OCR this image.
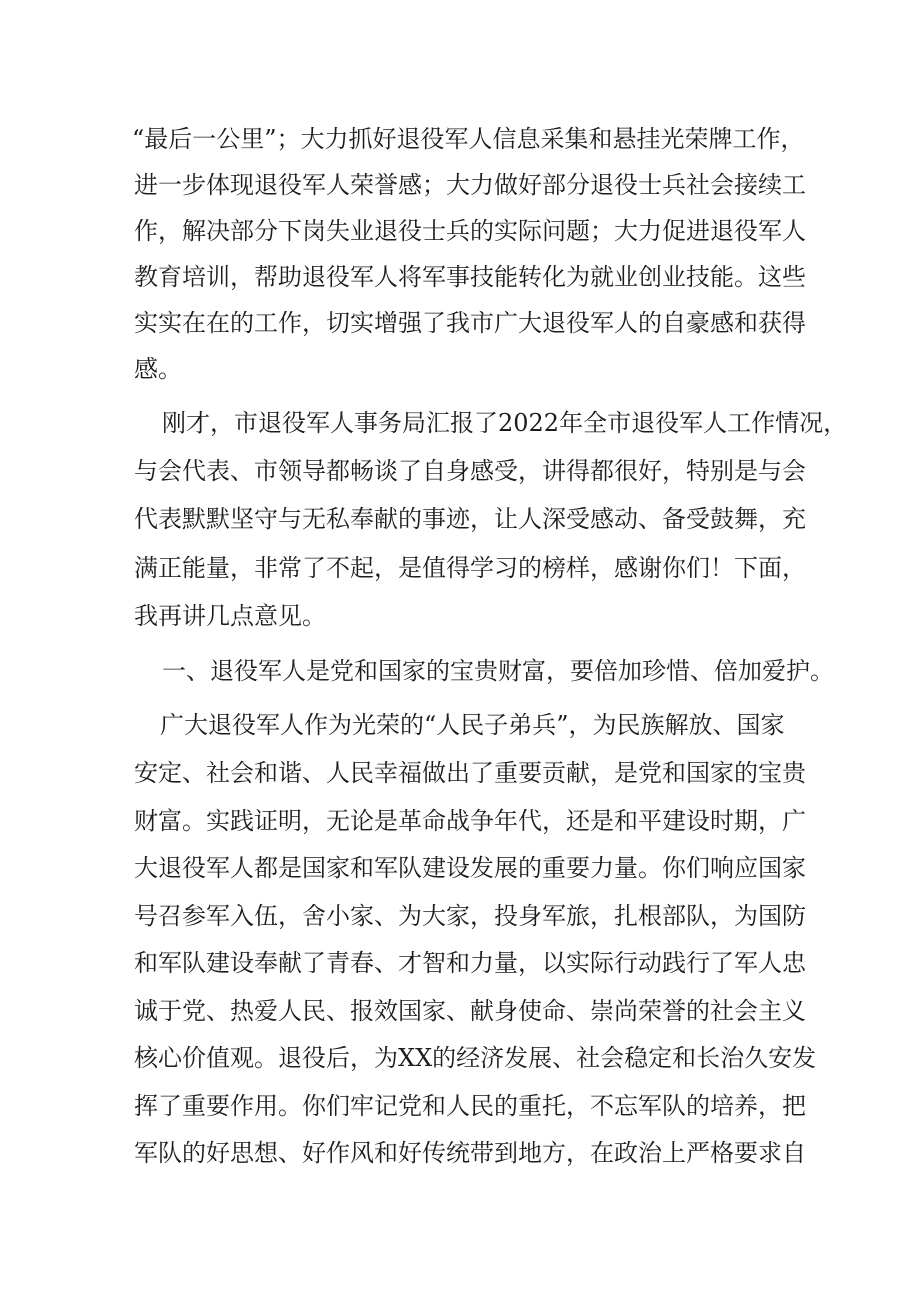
“最后一公里”；大力抓好退役军人信息采集和悬挂光荣牌工作，
进一步体现退役军人荣誉感；大力做好部分退役士兵社会接续工
作，解决部分下岗失业退役士兵的实际问题；大力促进退役军人
教育培训，帮助退役军人将军事技能转化为就业创业技能。这些
实实在在的工作，切实增强了我市广大退役军人的自豪感和获得
感。
刚才，市退役军人事务局汇报了2022年全市退役军人工作情况，
与会代表、市领导都畅谈了自身感受，讲得都很好，特别是与会
代表默默坚守与无私奉献的事迹，让人深受感动、备受鼓舞，充
满正能量，非常了不起，是值得学习的榜样，感谢你们！下面，
我再讲几点意见。
一、退役军人是党和国家的宝贵财富，要倍加珍惜、倍加爱护。
广大退役军人作为光荣的“人民子弟兵”，为民族解放、国家
安定、社会和谐、人民幸福做出了重要贡献，是党和国家的宝贵
财富。实践证明，无论是革命战争年代，还是和平建设时期，广
大退役军人都是国家和军队建设发展的重要力量。你们响应国家
号召参军入伍，舍小家、为大家，投身军旅，扎根部队，为国防
和军队建设奉献了青春、才智和力量，以实际行动践行了军人忠
诚于党、热爱人民、报效国家、献身使命、崇尚荣誉的社会主义
核心价值观。退役后，为XX的经济发展、社会稳定和长治久安发
挥了重要作用。你们牢记党和人民的重托，不忘军队的培养，把
军队的好思想、好作风和好传统带到地方，在政治上严格要求自
